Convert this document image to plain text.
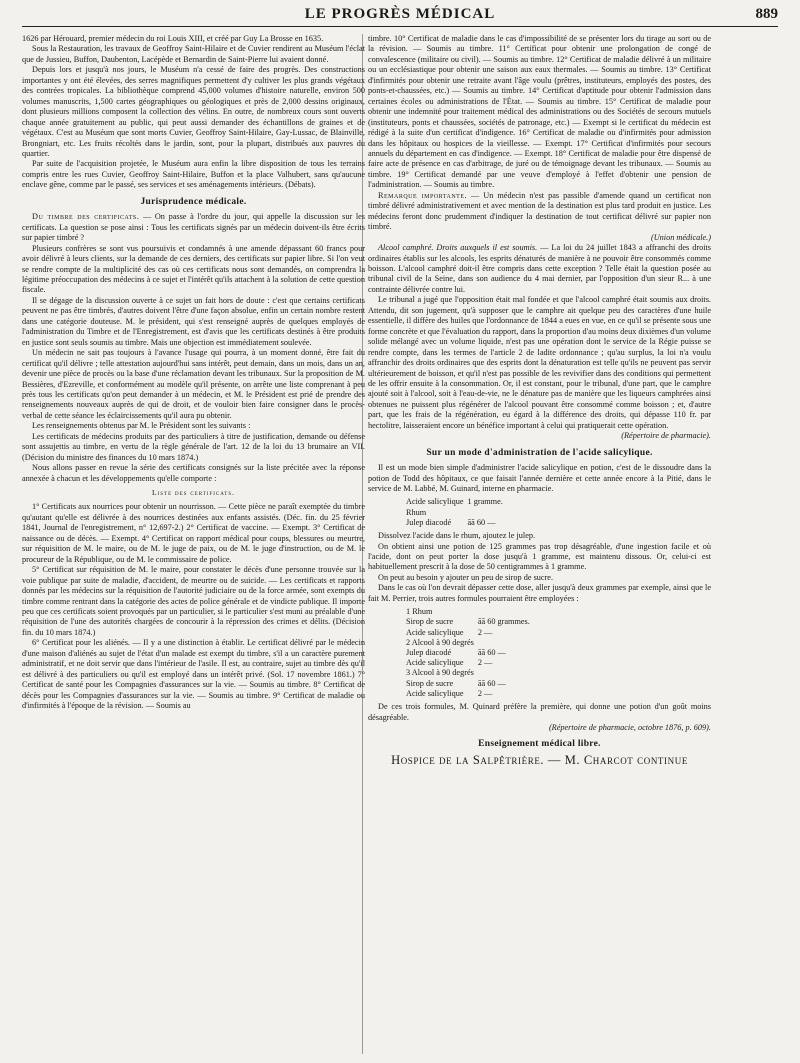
LE PROGRÈS MÉDICAL	889

1626 par Hérouard, premier médecin du roi Louis XIII, et créé par Guy La Brosse en 1635.

Sous la Restauration, les travaux de Geoffroy Saint-Hilaire et de Cuvier rendirent au Muséum l'éclat que de Jussieu, Buffon, Daubenton, Lacépède et Bernardin de Saint-Pierre lui avaient donné.

Depuis lors et jusqu'à nos jours, le Muséum n'a cessé de faire des progrès. Des constructions importantes y ont été élevées, des serres magnifiques permettent d'y cultiver les plus grands végétaux des contrées tropicales. La bibliothèque comprend 45,000 volumes d'histoire naturelle, environ 500 volumes manuscrits, 1,500 cartes géographiques ou géologiques et près de 2,000 dessins originaux, dont plusieurs millions composent la collection des vélins. En outre, de nombreux cours sont ouverts chaque année gratuitement au public, qui peut aussi demander des échantillons de graines et de végétaux. C'est au Muséum que sont morts Cuvier, Geoffroy Saint-Hilaire, Gay-Lussac, de Blainville, Brongniart, etc. Les fruits récoltés dans le jardin, sont, pour la plupart, distribués aux pauvres du quartier.

Par suite de l'acquisition projetée, le Muséum aura enfin la libre disposition de tous les terrains compris entre les rues Cuvier, Geoffroy Saint-Hilaire, Buffon et la place Valhubert, sans qu'aucune enclave gêne, comme par le passé, ses services et ses aménagements intérieurs. (Débats).

Jurisprudence médicale.

Du timbre des certificats. — On passe à l'ordre du jour, qui appelle la discussion sur les certificats. La question se pose ainsi : Tous les certificats signés par un médecin doivent-ils être écrits sur papier timbré ?

Plusieurs confrères se sont vus poursuivis et condamnés à une amende dépassant 60 francs pour avoir délivré à leurs clients, sur la demande de ces derniers, des certificats sur papier libre. Si l'on veut se rendre compte de la multiplicité des cas où ces certificats nous sont demandés, on comprendra la légitime préoccupation des médecins à ce sujet et l'intérêt qu'ils attachent à la solution de cette question fiscale.

Il se dégage de la discussion ouverte à ce sujet un fait hors de doute : c'est que certains certificats peuvent ne pas être timbrés, d'autres doivent l'être d'une façon absolue, enfin un certain nombre restent dans une catégorie douteuse. M. le président, qui s'est renseigné auprès de quelques employés de l'administration du Timbre et de l'Enregistrement, est d'avis que les certificats destinés à être produits en justice sont seuls soumis au timbre. Mais une objection est immédiatement soulevée.

Un médecin ne sait pas toujours à l'avance l'usage qui pourra, à un moment donné, être fait du certificat qu'il délivre ; telle attestation aujourd'hui sans intérêt, peut demain, dans un mois, dans un an, devenir une pièce de procès ou la base d'une réclamation devant les tribunaux. Sur la proposition de M. Bessières, d'Ezreville, et conformément au modèle qu'il présente, on arrête une liste comprenant à peu près tous les certificats qu'on peut demander à un médecin, et M. le Président est prié de prendre des renseignements nouveaux auprès de qui de droit, et de vouloir bien faire consigner dans le procès-verbal de cette séance les éclaircissements qu'il aura pu obtenir.

Les renseignements obtenus par M. le Président sont les suivants :

Les certificats de médecins produits par des particuliers à titre de justification, demande ou défense sont assujettis au timbre, en vertu de la règle générale de l'art. 12 de la loi du 13 brumaire an VII. (Décision du ministre des finances du 10 mars 1874.)

Nous allons passer en revue la série des certificats consignés sur la liste précitée avec la réponse annexée à chacun et les développements qu'elle comporte :

Liste des certificats.

1° Certificats aux nourrices pour obtenir un nourrisson. — Cette pièce ne paraît exemptée du timbre qu'autant qu'elle est délivrée à des nourrices destinées aux enfants assistés. (Déc. fin. du 25 février 1841, Journal de l'enregistrement, n° 12,697-2.) 2° Certificat de vaccine. — Exempt. 3° Certificat de naissance ou de décès. — Exempt. 4° Certificat on rapport médical pour coups, blessures ou meurtre, sur réquisition de M. le maire, ou de M. le juge de paix, ou de M. le juge d'instruction, ou de M. le procureur de la République, ou de M. le commissaire de police.

5° Certificat sur réquisition de M. le maire, pour constater le décès d'une personne trouvée sur la voie publique par suite de maladie, d'accident, de meurtre ou de suicide. — Les certificats et rapports donnés par les médecins sur la réquisition de l'autorité judiciaire ou de la force armée, sont exempts du timbre comme rentrant dans la catégorie des actes de police générale et de vindicte publique. Il importe peu que ces certificats soient provoqués par un particulier, si le particulier s'est muni au préalable d'une réquisition de l'une des autorités chargées de concourir à la répression des crimes et délits. (Décision fin. du 10 mars 1874.)

6° Certificat pour les aliénés. — Il y a une distinction à établir. Le certificat délivré par le médecin d'une maison d'aliénés au sujet de l'état d'un malade est exempt du timbre, s'il a un caractère purement administratif, et ne doit servir que dans l'intérieur de l'asile. Il est, au contraire, sujet au timbre dès qu'il est délivré à des particuliers ou qu'il est employé dans un intérêt privé. (Sol. 17 novembre 1861.) 7° Certificat de santé pour les Compagnies d'assurances sur la vie. — Soumis au timbre. 8° Certificat de décès pour les Compagnies d'assurances sur la vie. — Soumis au timbre. 9° Certificat de maladie ou d'infirmités à l'époque de la révision. — Soumis au

timbre. 10° Certificat de maladie dans le cas d'impossibilité de se présenter lors du tirage au sort ou de la révision. — Soumis au timbre. 11° Certificat pour obtenir une prolongation de congé de convalescence (militaire ou civil). — Soumis au timbre. 12° Certificat de maladie délivré à un militaire ou un ecclésiastique pour obtenir une saison aux eaux thermales. — Soumis au timbre. 13° Certificat d'infirmités pour obtenir une retraite avant l'âge voulu (prêtres, instituteurs, employés des postes, des ponts-et-chaussées, etc.) — Soumis au timbre. 14° Certificat d'aptitude pour obtenir l'admission dans certaines écoles ou administrations de l'État. — Soumis au timbre. 15° Certificat de maladie pour obtenir une indemnité pour traitement médical des administrations ou des Sociétés de secours mutuels (instituteurs, ponts et chaussées, sociétés de patronage, etc.) — Exempt si le certificat du médecin est rédigé à la suite d'un certificat d'indigence. 16° Certificat de maladie ou d'infirmités pour admission dans les hôpitaux ou hospices de la vieillesse. — Exempt. 17° Certificat d'infirmités pour secours annuels du département en cas d'indigence. — Exempt. 18° Certificat de maladie pour être dispensé de faire acte de présence en cas d'arbitrage, de juré ou de témoignage devant les tribunaux. — Soumis au timbre. 19° Certificat demandé par une veuve d'employé à l'effet d'obtenir une pension de l'administration. — Soumis au timbre.

Remarque importante. — Un médecin n'est pas passible d'amende quand un certificat non timbré délivré administrativement et avec mention de la destination est plus tard produit en justice. Les médecins feront donc prudemment d'indiquer la destination de tout certificat délivré sur papier non timbré.

(Union médicale.)

Alcool camphré. Droits auxquels il est soumis. — La loi du 24 juillet 1843 a affranchi des droits ordinaires établis sur les alcools, les esprits dénaturés de manière à ne pouvoir être consommés comme boisson. L'alcool camphré doit-il être compris dans cette exception ? Telle était la question posée au tribunal civil de la Seine, dans son audience du 4 mai dernier, par l'opposition d'un sieur R... à une contrainte délivrée contre lui.

Le tribunal a jugé que l'opposition était mal fondée et que l'alcool camphré était soumis aux droits. Attendu, dit son jugement, qu'à supposer que le camphre ait quelque peu des caractères d'une huile essentielle, il diffère des huiles que l'ordonnance de 1844 a eues en vue, en ce qu'il se présente sous une forme concrète et que l'évaluation du rapport, dans la proportion d'au moins deux dixièmes d'un volume solide mélangé avec un volume liquide, n'est pas une opération dont le service de la Régie puisse se rendre compte, dans les termes de l'article 2 de ladite ordonnance ; qu'au surplus, la loi n'a voulu affranchir des droits ordinaires que des esprits dont la dénaturation est telle qu'ils ne peuvent pas servir ultérieurement de boisson, et qu'il n'est pas possible de les revivifier dans des conditions qui permettent de les offrir ensuite à la consommation. Or, il est constant, pour le tribunal, d'une part, que le camphre ajouté soit à l'alcool, soit à l'eau-de-vie, ne le dénature pas de manière que les liqueurs camphrées ainsi obtenues ne puissent plus régénérer de l'alcool pouvant être consommé comme boisson ; et, d'autre part, que les frais de la régénération, eu égard à la différence des droits, qui dépasse 110 fr. par hectolitre, laisseraient encore un bénéfice important à celui qui pratiquerait cette opération.

(Répertoire de pharmacie).
Sur un mode d'administration de l'acide salicylique.

Il est un mode bien simple d'administrer l'acide salicylique en potion, c'est de le dissoudre dans la potion de Todd des hôpitaux, ce que faisait l'année dernière et cette année encore à la Pitié, dans le service de M. Labbé, M. Guinard, interne en pharmacie.

Acide salicylique	1 gramme.
Rhum	
Julep diacodé	āā 60 —

Dissolvez l'acide dans le rhum, ajoutez le julep.

On obtient ainsi une potion de 125 grammes pas trop désagréable, d'une ingestion facile et où l'acide, dont on peut porter la dose jusqu'à 1 gramme, est maintenu dissous. Or, celui-ci est habituellement prescrit à la dose de 50 centigrammes à 1 gramme.

On peut au besoin y ajouter un peu de sirop de sucre.

Dans le cas où l'on devrait dépasser cette dose, aller jusqu'à deux grammes par exemple, ainsi que le fait M. Perrier, trois autres formules pourraient être employées :

1 Rhum	
Sirop de sucre	āā 60 grammes.
Acide salicylique	2 —
2 Alcool à 90 degrés	
Julep diacodé	āā 60 —
Acide salicylique	2 —
3 Alcool à 90 degrés	
Sirop de sucre	āā 60 —
Acide salicylique	2 —

De ces trois formules, M. Quinard préfère la première, qui donne une potion d'un goût moins désagréable.

(Répertoire de pharmacie, octobre 1876, p. 609).
Enseignement médical libre.
Hospice de la Salpêtrière. — M. Charcot continue
